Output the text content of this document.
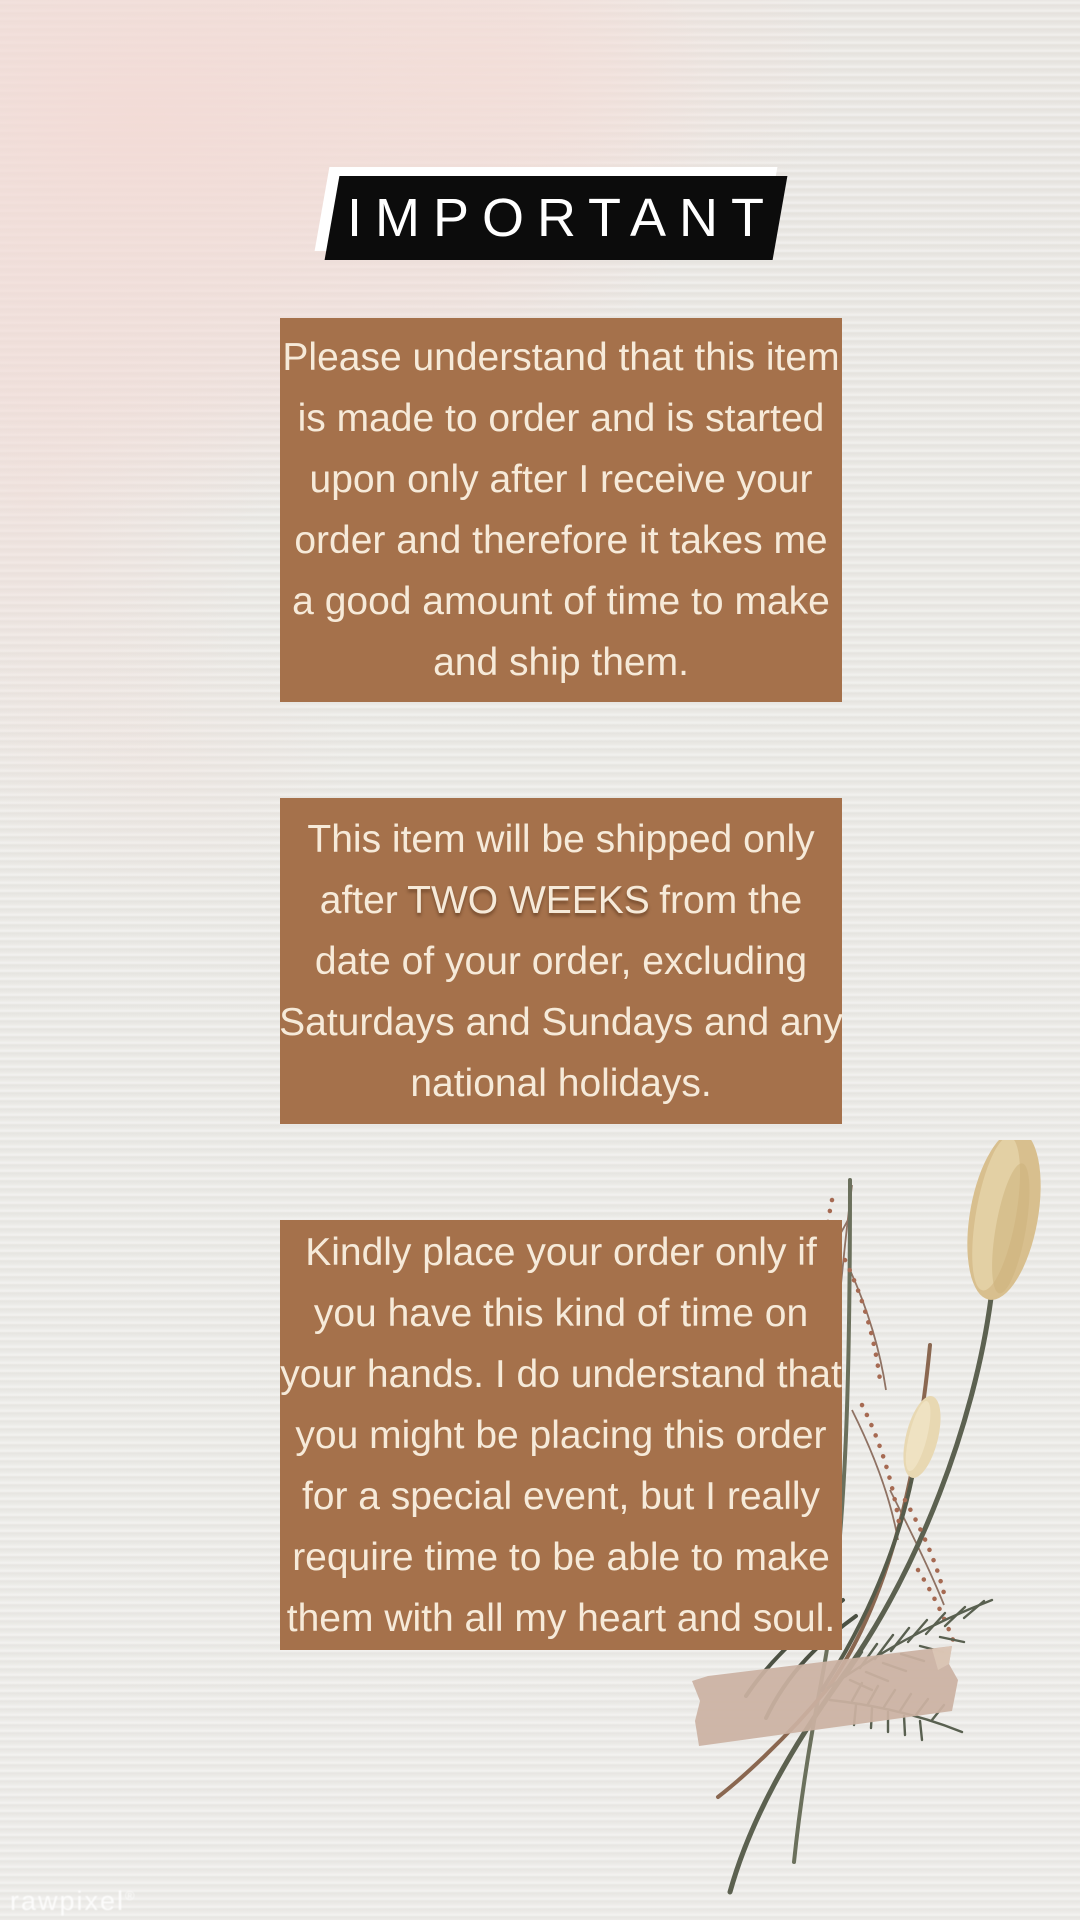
IMPORTANT
Please understand that this item
is made to order and is started
upon only after I receive your
order and therefore it takes me
a good amount of time to make
and ship them.
This item will be shipped only
after TWO WEEKS from the
date of your order, excluding
Saturdays and Sundays and any
national holidays.
Kindly place your order only if
you have this kind of time on
your hands. I do understand that
you might be placing this order
for a special event, but I really
require time to be able to make
them with all my heart and soul.
rawpixel®
